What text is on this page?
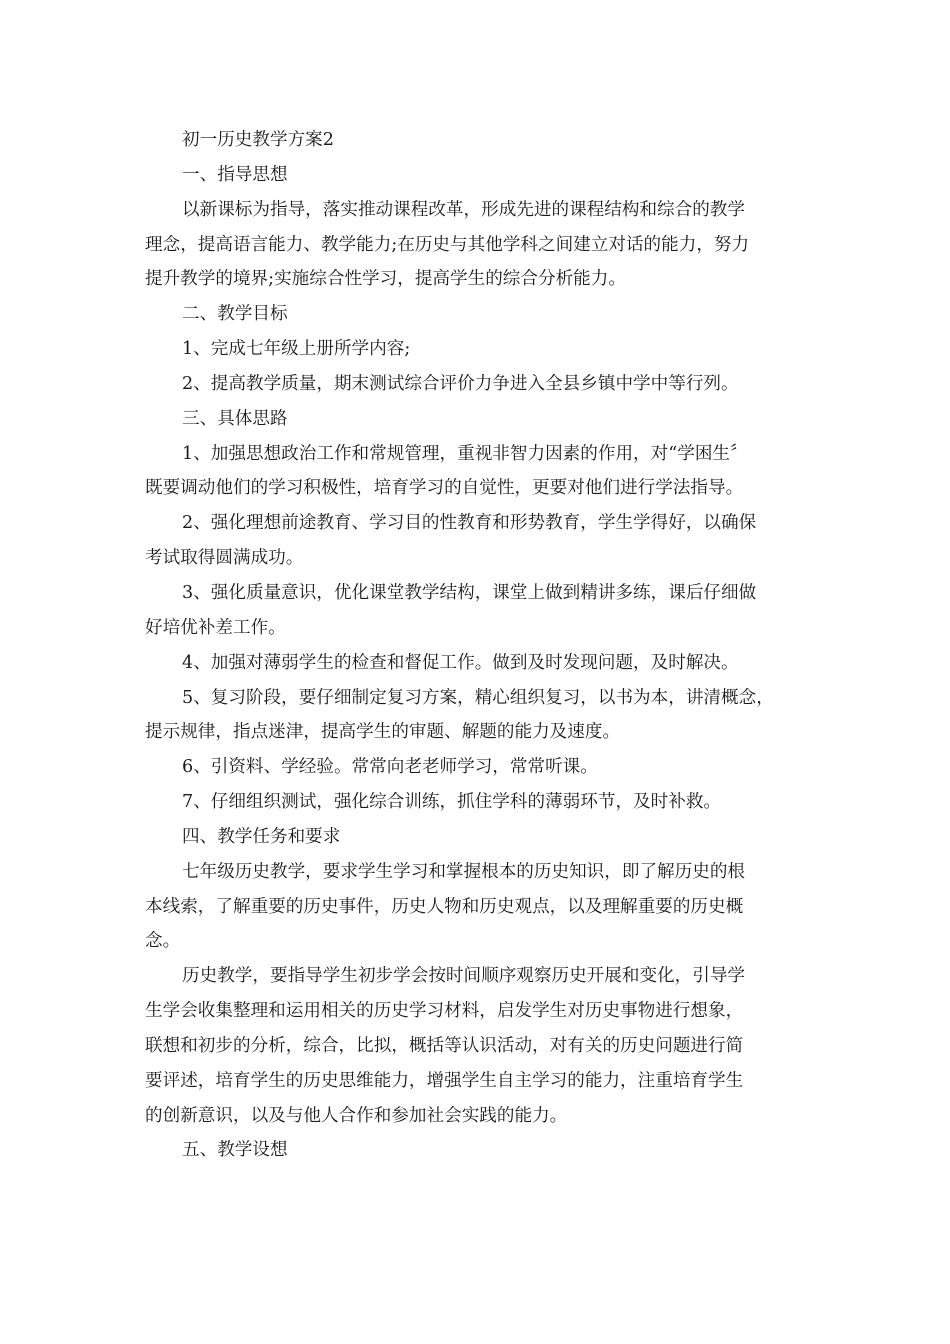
初一历史教学方案2
一、指导思想
以新课标为指导，落实推动课程改革，形成先进的课程结构和综合的教学
理念，提高语言能力、教学能力;在历史与其他学科之间建立对话的能力，努力
提升教学的境界;实施综合性学习，提高学生的综合分析能力。
二、教学目标
1、完成七年级上册所学内容;
2、提高教学质量，期末测试综合评价力争进入全县乡镇中学中等行列。
三、具体思路
1、加强思想政治工作和常规管理，重视非智力因素的作用，对“学困生〞
既要调动他们的学习积极性，培育学习的自觉性，更要对他们进行学法指导。
2、强化理想前途教育、学习目的性教育和形势教育，学生学得好，以确保
考试取得圆满成功。
3、强化质量意识，优化课堂教学结构，课堂上做到精讲多练，课后仔细做
好培优补差工作。
4、加强对薄弱学生的检查和督促工作。做到及时发现问题，及时解决。
5、复习阶段，要仔细制定复习方案，精心组织复习，以书为本，讲清概念，
提示规律，指点迷津，提高学生的审题、解题的能力及速度。
6、引资料、学经验。常常向老老师学习，常常听课。
7、仔细组织测试，强化综合训练，抓住学科的薄弱环节，及时补救。
四、教学任务和要求
七年级历史教学，要求学生学习和掌握根本的历史知识，即了解历史的根
本线索，了解重要的历史事件，历史人物和历史观点，以及理解重要的历史概
念。
历史教学，要指导学生初步学会按时间顺序观察历史开展和变化，引导学
生学会收集整理和运用相关的历史学习材料，启发学生对历史事物进行想象，
联想和初步的分析，综合，比拟，概括等认识活动，对有关的历史问题进行简
要评述，培育学生的历史思维能力，增强学生自主学习的能力，注重培育学生
的创新意识，以及与他人合作和参加社会实践的能力。
五、教学设想
